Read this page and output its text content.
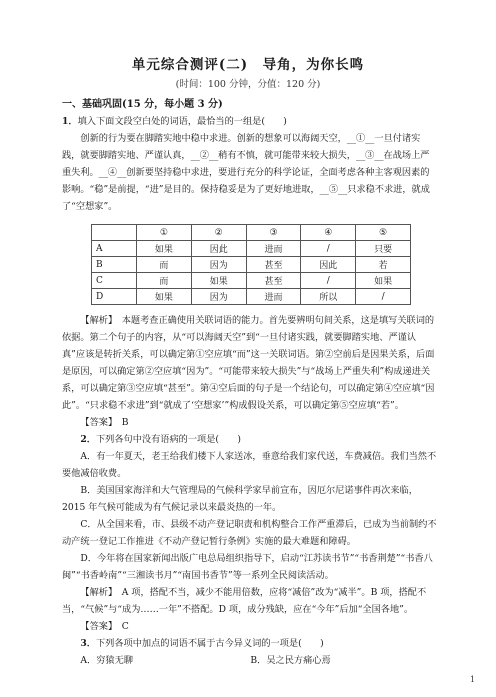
单元综合测评(二)　导角，为你长鸣
(时间：100 分钟，分值：120 分)

一、基础巩固(15 分，每小题 3 分)

1．填入下面文段空白处的词语，最恰当的一组是(　　)

创新的行为要在脚踏实地中稳中求进。创新的想象可以海阔天空，__①__一旦付诸实践，就要脚踏实地、严谨认真，__②__稍有不慎，就可能带来较大损失，__③__在战场上严重失利。__④__创新要坚持稳中求进，要进行充分的科学论证，全面考虑各种主客观因素的影响。“稳”是前提，“进”是目的。保持稳妥是为了更好地进取，__⑤__只求稳不求进，就成了“空想家”。

	①	②	③	④	⑤
A	如果	因此	进而	/	只要
B	而	因为	甚至	因此	若
C	而	如果	甚至	/	如果
D	如果	因为	进而	所以	/

【解析】　本题考查正确使用关联词语的能力。首先要辨明句间关系，这是填写关联词的依据。第二个句子的内容，从“可以海阔天空”到“一旦付诸实践，就要脚踏实地、严谨认真”应该是转折关系，可以确定第①空应填“而”这一关联词语。第②空前后是因果关系，后面是原因，可以确定第②空应填“因为”。“可能带来较大损失”与“战场上严重失利”构成递进关系，可以确定第③空应填“甚至”。第④空后面的句子是一个结论句，可以确定第④空应填“因此”。“只求稳不求进”到“就成了‘空想家’”构成假设关系，可以确定第⑤空应填“若”。

【答案】　B

2．下列各句中没有语病的一项是(　　)

A．有一年夏天，老王给我们楼下人家送冰，垂意给我们家代送，车费减倍。我们当然不要他减倍收费。

B．美国国家海洋和大气管理局的气候科学家早前宣布，因厄尔尼诺事件再次来临，2015 年气候可能成为有气候记录以来最炎热的一年。

C．从全国来看，市、县级不动产登记职责和机构整合工作严重滞后，已成为当前制约不动产统一登记工作推进《不动产登记暂行条例》实施的最大难题和障碍。

D．今年将在国家新闻出版广电总局组织指导下，启动“江苏读书节”“书香荆楚”“书香八闽”“书香岭南”“三湘读书月”“南国书香节”等一系列全民阅读活动。

【解析】　A 项，搭配不当，减少不能用倍数，应将“减倍”改为“减半”。B 项，搭配不当，“气候”与“成为……一年”不搭配。D 项，成分残缺，应在“今年”后加“全国各地”。

【答案】　C

3．下列各项中加点的词语不属于古今异义词的一项是(　　)

A．穷猿无聊	B．吴之民方痛心焉

1
